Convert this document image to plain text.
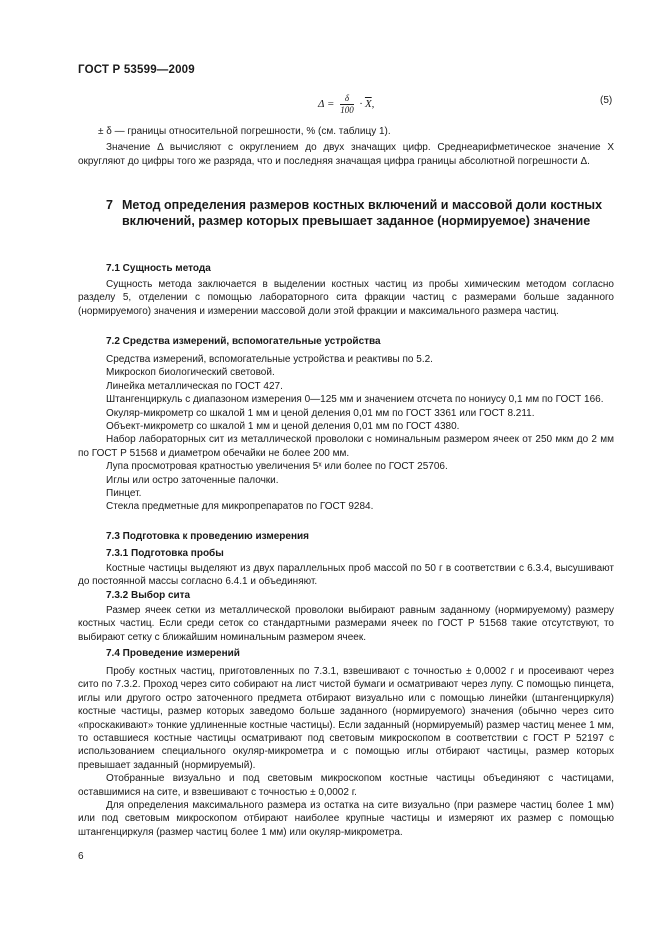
ГОСТ Р 53599—2009
$\Delta = \frac{\delta}{100} \cdot \overline{X}$,	(5)

± δ — границы относительной погрешности, % (см. таблицу 1).

Значение Δ вычисляют с округлением до двух значащих цифр. Среднеарифметическое значение X округляют до цифры того же разряда, что и последняя значащая цифра границы абсолютной погрешности Δ.

7 Метод определения размеров костных включений и массовой доли костных включений, размер которых превышает заданное (нормируемое) значение
7.1 Сущность метода

Сущность метода заключается в выделении костных частиц из пробы химическим методом согласно разделу 5, отделении с помощью лабораторного сита фракции частиц с размерами больше заданного (нормируемого) значения и измерении массовой доли этой фракции и максимального размера частиц.

7.2 Средства измерений, вспомогательные устройства

Средства измерений, вспомогательные устройства и реактивы по 5.2.

Микроскоп биологический световой.

Линейка металлическая по ГОСТ 427.

Штангенциркуль с диапазоном измерения 0—125 мм и значением отсчета по нониусу 0,1 мм по ГОСТ 166.

Окуляр-микрометр со шкалой 1 мм и ценой деления 0,01 мм по ГОСТ 3361 или ГОСТ 8.211.

Объект-микрометр со шкалой 1 мм и ценой деления 0,01 мм по ГОСТ 4380.

Набор лабораторных сит из металлической проволоки с номинальным размером ячеек от 250 мкм до 2 мм по ГОСТ Р 51568 и диаметром обечайки не более 200 мм.

Лупа просмотровая кратностью увеличения 5ˣ или более по ГОСТ 25706.

Иглы или остро заточенные палочки.

Пинцет.

Стекла предметные для микропрепаратов по ГОСТ 9284.

7.3 Подготовка к проведению измерения
7.3.1 Подготовка пробы

Костные частицы выделяют из двух параллельных проб массой по 50 г в соответствии с 6.3.4, высушивают до постоянной массы согласно 6.4.1 и объединяют.

7.3.2 Выбор сита

Размер ячеек сетки из металлической проволоки выбирают равным заданному (нормируемому) размеру костных частиц. Если среди сеток со стандартными размерами ячеек по ГОСТ Р 51568 такие отсутствуют, то выбирают сетку с ближайшим номинальным размером ячеек.

7.4 Проведение измерений

Пробу костных частиц, приготовленных по 7.3.1, взвешивают с точностью ± 0,0002 г и просеивают через сито по 7.3.2. Проход через сито собирают на лист чистой бумаги и осматривают через лупу. С помощью пинцета, иглы или другого остро заточенного предмета отбирают визуально или с помощью линейки (штангенциркуля) костные частицы, размер которых заведомо больше заданного (нормируемого) значения (обычно через сито «проскакивают» тонкие удлиненные костные частицы). Если заданный (нормируемый) размер частиц менее 1 мм, то оставшиеся костные частицы осматривают под световым микроскопом в соответствии с ГОСТ Р 52197 с использованием специального окуляр-микрометра и с помощью иглы отбирают частицы, размер которых превышает заданный (нормируемый).

Отобранные визуально и под световым микроскопом костные частицы объединяют с частицами, оставшимися на сите, и взвешивают с точностью ± 0,0002 г.

Для определения максимального размера из остатка на сите визуально (при размере частиц более 1 мм) или под световым микроскопом отбирают наиболее крупные частицы и измеряют их размер с помощью штангенциркуля (размер частиц более 1 мм) или окуляр-микрометра.

6
